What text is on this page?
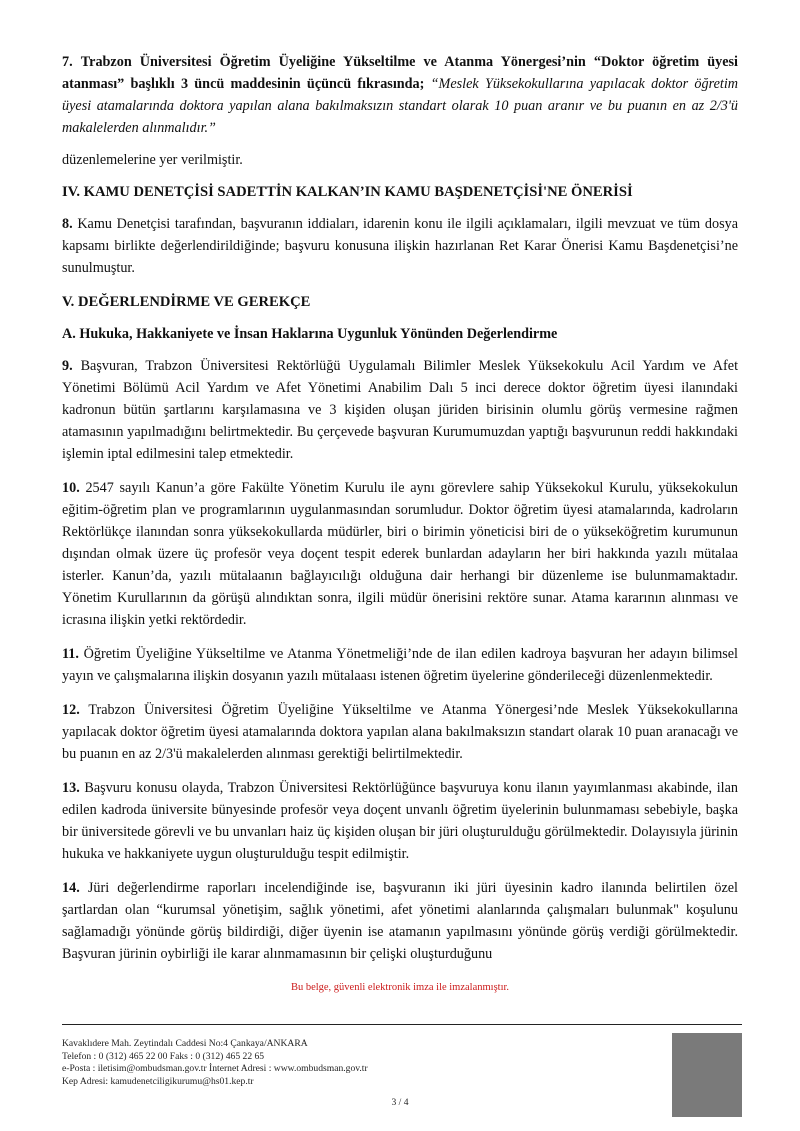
7. Trabzon Üniversitesi Öğretim Üyeliğine Yükseltilme ve Atanma Yönergesi’nin “Doktor öğretim üyesi atanması” başlıklı 3 üncü maddesinin üçüncü fıkrasında; “Meslek Yüksekokullarına yapılacak doktor öğretim üyesi atamalarında doktora yapılan alana bakılmaksızın standart olarak 10 puan aranır ve bu puanın en az 2/3'ü makalelerden alınmalıdır.”

düzenlemelerine yer verilmiştir.

IV. KAMU DENETÇİSİ SADETTİN KALKAN’IN KAMU BAŞDENETÇİSİ'NE ÖNERİSİ

8. Kamu Denetçisi tarafından, başvuranın iddiaları, idarenin konu ile ilgili açıklamaları, ilgili mevzuat ve tüm dosya kapsamı birlikte değerlendirildiğinde; başvuru konusuna ilişkin hazırlanan Ret Karar Önerisi Kamu Başdenetçisi’ne sunulmuştur.

V. DEĞERLENDİRME VE GEREKÇE

A. Hukuka, Hakkaniyete ve İnsan Haklarına Uygunluk Yönünden Değerlendirme

9. Başvuran, Trabzon Üniversitesi Rektörlüğü Uygulamalı Bilimler Meslek Yüksekokulu Acil Yardım ve Afet Yönetimi Bölümü Acil Yardım ve Afet Yönetimi Anabilim Dalı 5 inci derece doktor öğretim üyesi ilanındaki kadronun bütün şartlarını karşılamasına ve 3 kişiden oluşan jüriden birisinin olumlu görüş vermesine rağmen atamasının yapılmadığını belirtmektedir. Bu çerçevede başvuran Kurumumuzdan yaptığı başvurunun reddi hakkındaki işlemin iptal edilmesini talep etmektedir.

10. 2547 sayılı Kanun’a göre Fakülte Yönetim Kurulu ile aynı görevlere sahip Yüksekokul Kurulu, yüksekokulun eğitim-öğretim plan ve programlarının uygulanmasından sorumludur. Doktor öğretim üyesi atamalarında, kadroların Rektörlükçe ilanından sonra yüksekokullarda müdürler, biri o birimin yöneticisi biri de o yükseköğretim kurumunun dışından olmak üzere üç profesör veya doçent tespit ederek bunlardan adayların her biri hakkında yazılı mütalaa isterler. Kanun’da, yazılı mütalaanın bağlayıcılığı olduğuna dair herhangi bir düzenleme ise bulunmamaktadır. Yönetim Kurullarının da görüşü alındıktan sonra, ilgili müdür önerisini rektöre sunar. Atama kararının alınması ve icrasına ilişkin yetki rektördedir.

11. Öğretim Üyeliğine Yükseltilme ve Atanma Yönetmeliği’nde de ilan edilen kadroya başvuran her adayın bilimsel yayın ve çalışmalarına ilişkin dosyanın yazılı mütalaası istenen öğretim üyelerine gönderileceği düzenlenmektedir.

12. Trabzon Üniversitesi Öğretim Üyeliğine Yükseltilme ve Atanma Yönergesi’nde Meslek Yüksekokullarına yapılacak doktor öğretim üyesi atamalarında doktora yapılan alana bakılmaksızın standart olarak 10 puan aranacağı ve bu puanın en az 2/3'ü makalelerden alınması gerektiği belirtilmektedir.

13. Başvuru konusu olayda, Trabzon Üniversitesi Rektörlüğünce başvuruya konu ilanın yayımlanması akabinde, ilan edilen kadroda üniversite bünyesinde profesör veya doçent unvanlı öğretim üyelerinin bulunmaması sebebiyle, başka bir üniversitede görevli ve bu unvanları haiz üç kişiden oluşan bir jüri oluşturulduğu görülmektedir. Dolayısıyla jürinin hukuka ve hakkaniyete uygun oluşturulduğu tespit edilmiştir.

14. Jüri değerlendirme raporları incelendiğinde ise, başvuranın iki jüri üyesinin kadro ilanında belirtilen özel şartlardan olan “kurumsal yönetişim, sağlık yönetimi, afet yönetimi alanlarında çalışmaları bulunmak" koşulunu sağlamadığı yönünde görüş bildirdiği, diğer üyenin ise atamanın yapılmasını yönünde görüş verdiği görülmektedir. Başvuran jürinin oybirliği ile karar alınmamasının bir çelişki oluşturduğunu

Bu belge, güvenli elektronik imza ile imzalanmıştır.
Kavaklıdere Mah. Zeytindalı Caddesi No:4 Çankaya/ANKARA
Telefon : 0 (312) 465 22 00 Faks : 0 (312) 465 22 65
e-Posta : iletisim@ombudsman.gov.tr İnternet Adresi : www.ombudsman.gov.tr
Kep Adresi: kamudenetciligikurumu@hs01.kep.tr
3 / 4
